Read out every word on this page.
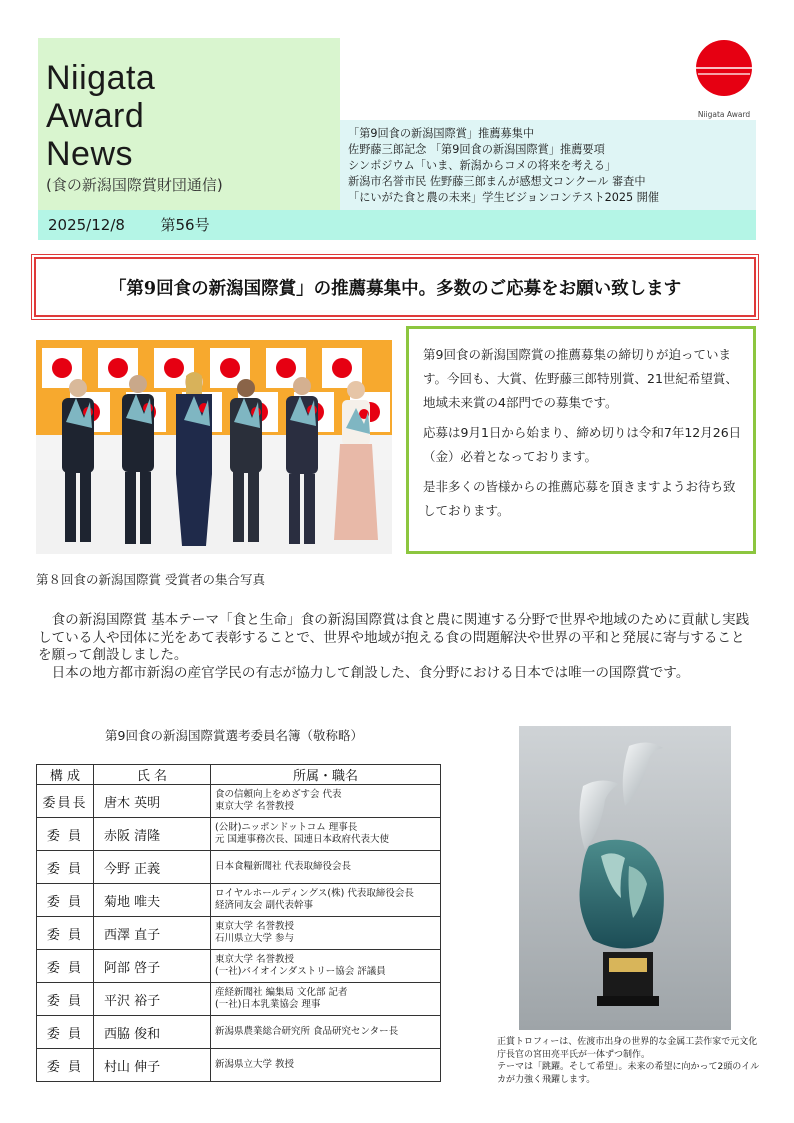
Niigata
Award
News
(食の新潟国際賞財団通信)
Niigata Award
「第9回食の新潟国際賞」推薦募集中
佐野藤三郎記念 「第9回食の新潟国際賞」推薦要項
シンポジウム「いま、新潟からコメの将来を考える」
新潟市名誉市民 佐野藤三郎まんが感想文コンクール 審査中
「にいがた食と農の未来」学生ビジョンコンテスト2025 開催
2025/12/8 第56号
「第9回食の新潟国際賞」の推薦募集中。多数のご応募をお願い致します
第８回食の新潟国際賞 受賞者の集合写真

第9回食の新潟国際賞の推薦募集の締切りが迫っています。今回も、大賞、佐野藤三郎特別賞、21世紀希望賞、地域未来賞の4部門での募集です。

応募は9月1日から始まり、締め切りは令和7年12月26日（金）必着となっております。

是非多くの皆様からの推薦応募を頂きますようお待ち致しております。

食の新潟国際賞 基本テーマ「食と生命」食の新潟国際賞は食と農に関連する分野で世界や地域のために貢献し実践している人や団体に光をあて表彰することで、世界や地域が抱える食の問題解決や世界の平和と発展に寄与することを願って創設しました。

日本の地方都市新潟の産官学民の有志が協力して創設した、食分野における日本では唯一の国際賞です。

第9回食の新潟国際賞選考委員名簿（敬称略）
構 成	氏 名	所属・職名
委員長	唐木 英明	食の信頼向上をめざす会 代表
東京大学 名誉教授

委 員	赤阪 清隆	(公財)ニッポンドットコム 理事長
元 国連事務次長、国連日本政府代表大使

委 員	今野 正義	日本食糧新聞社 代表取締役会長

委 員	菊地 唯夫	ロイヤルホールディングス(株) 代表取締役会長
経済同友会 副代表幹事

委 員	西澤 直子	東京大学 名誉教授
石川県立大学 参与

委 員	阿部 啓子	東京大学 名誉教授
(一社)バイオインダストリー協会 評議員

委 員	平沢 裕子	産経新聞社 編集局 文化部 記者
(一社)日本乳業協会 理事

委 員	西脇 俊和	新潟県農業総合研究所 食品研究センター長

委 員	村山 伸子	新潟県立大学 教授
正賞トロフィーは、佐渡市出身の世界的な金属工芸作家で元文化庁長官の宮田亮平氏が一体ずつ制作。
テーマは「跳躍。そして希望」。未来の希望に向かって2頭のイルカが力強く飛躍します。
